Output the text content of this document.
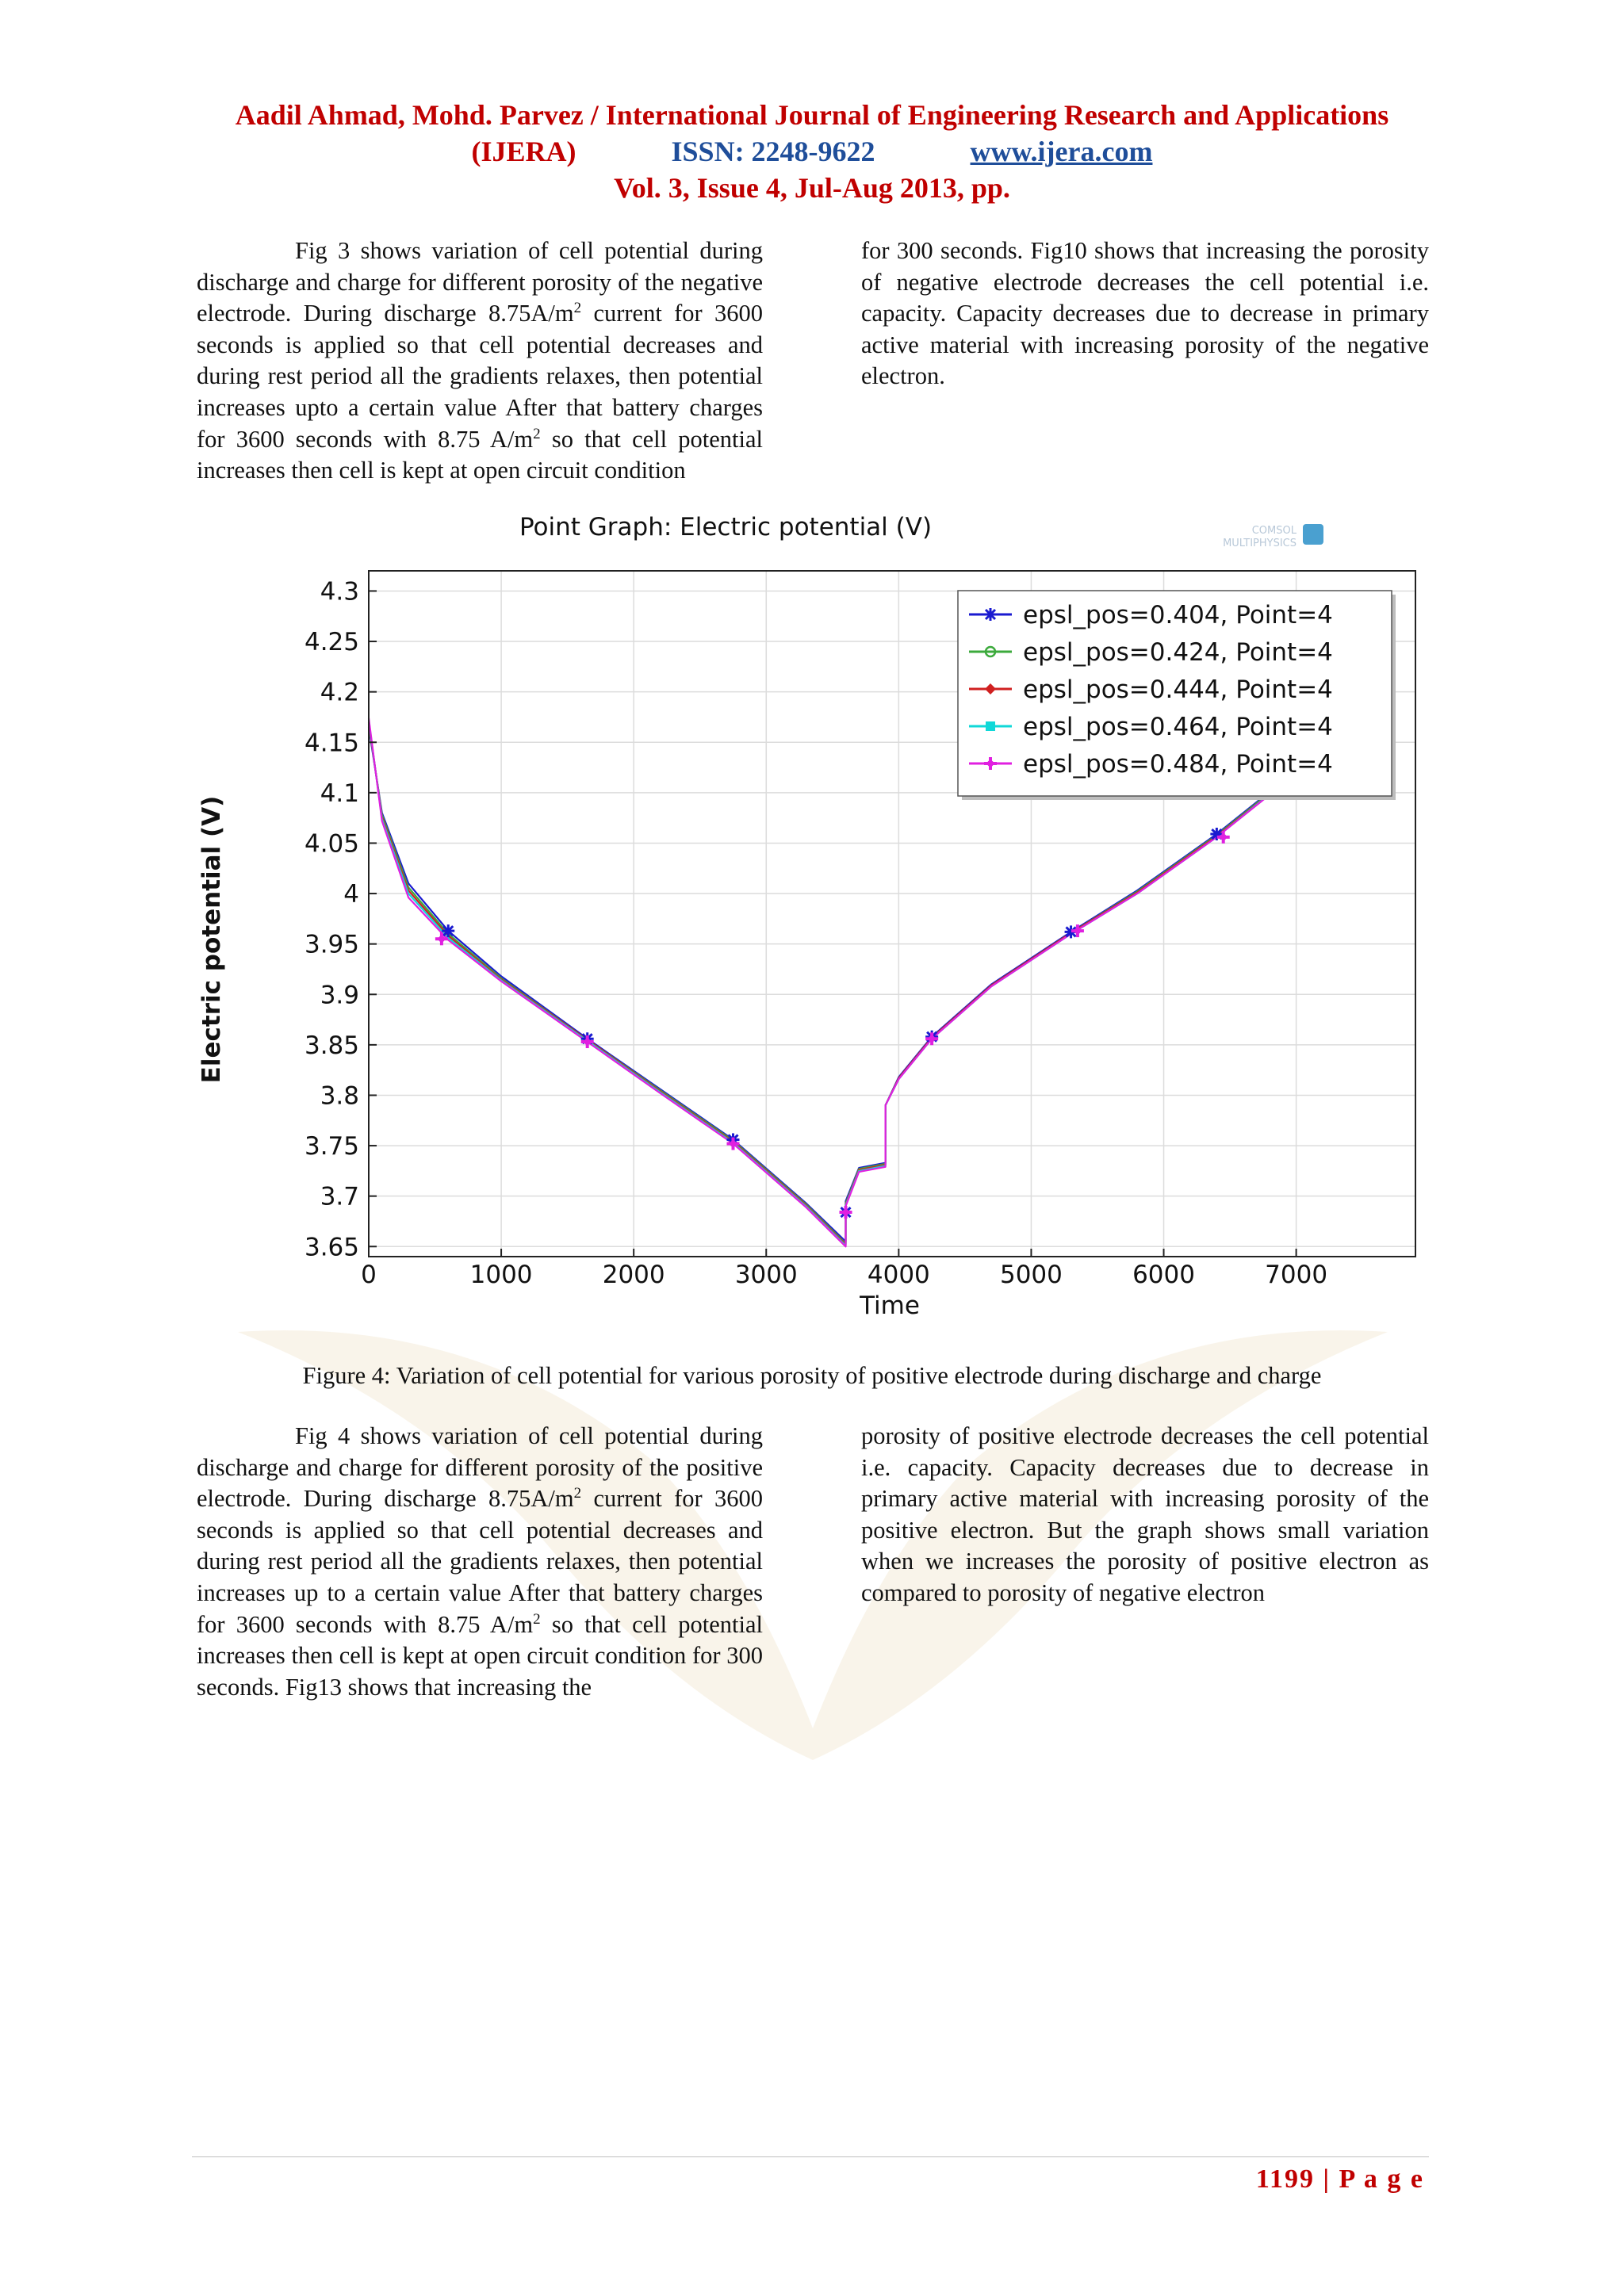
Aadil Ahmad, Mohd. Parvez / International Journal of Engineering Research and Applications
(IJERA)	ISSN: 2248-9622	www.ijera.com
Vol. 3, Issue 4, Jul-Aug 2013, pp.

Fig 3 shows variation of cell potential during discharge and charge for different porosity of the negative electrode. During discharge $8.75A/m^2$ current for 3600 seconds is applied so that cell potential decreases and during rest period all the gradients relaxes, then potential increases upto a certain value After that battery charges for 3600 seconds with 8.75 $A/m^2$ so that cell potential increases then cell is kept at open circuit condition

for 300 seconds. Fig10 shows that increasing the porosity of negative electrode decreases the cell potential i.e. capacity. Capacity decreases due to decrease in primary active material with increasing porosity of the negative electron.

0	1000	2000	3000	4000	5000	6000	7000
3.65
3.7
3.75
3.8
3.85
3.9
3.95
4
4.05
4.1
4.15
4.2
4.25
4.3
Point Graph: Electric potential (V)
Time
Electric potential (V)
COMSOL
MULTIPHYSICS
epsl_pos=0.404, Point=4
epsl_pos=0.424, Point=4
epsl_pos=0.444, Point=4
epsl_pos=0.464, Point=4
epsl_pos=0.484, Point=4
Figure 4: Variation of cell potential for various porosity of positive electrode during discharge and charge

Fig 4 shows variation of cell potential during discharge and charge for different porosity of the positive electrode. During discharge $8.75A/m^2$ current for 3600 seconds is applied so that cell potential decreases and during rest period all the gradients relaxes, then potential increases up to a certain value After that battery charges for 3600 seconds with 8.75 $A/m^2$ so that cell potential increases then cell is kept at open circuit condition for 300 seconds. Fig13 shows that increasing the

porosity of positive electrode decreases the cell potential i.e. capacity. Capacity decreases due to decrease in primary active material with increasing porosity of the positive electron. But the graph shows small variation when we increases the porosity of positive electron as compared to porosity of negative electron

1199 | P a g e
